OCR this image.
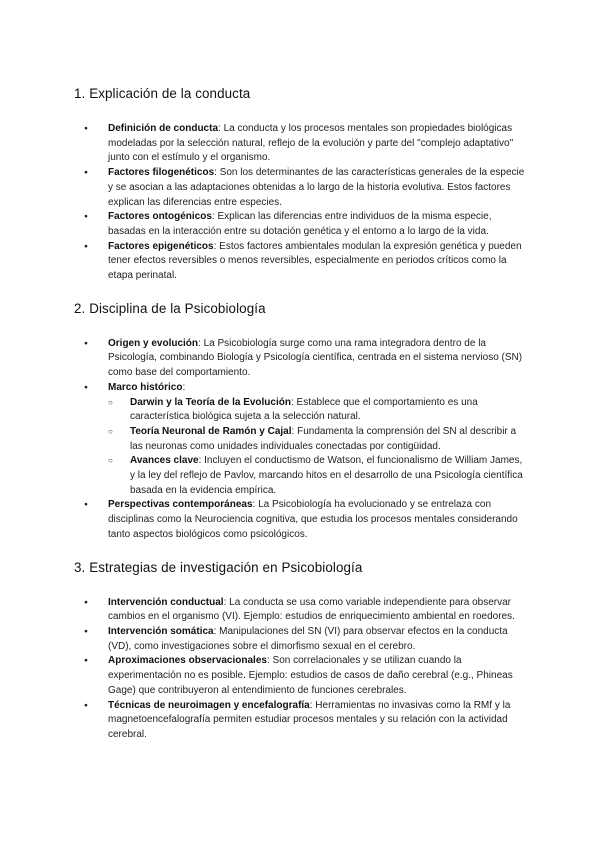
1. Explicación de la conducta
● Definición de conducta: La conducta y los procesos mentales son propiedades biológicas modeladas por la selección natural, reflejo de la evolución y parte del "complejo adaptativo" junto con el estímulo y el organismo.
● Factores filogenéticos: Son los determinantes de las características generales de la especie y se asocian a las adaptaciones obtenidas a lo largo de la historia evolutiva. Estos factores explican las diferencias entre especies.
● Factores ontogénicos: Explican las diferencias entre individuos de la misma especie, basadas en la interacción entre su dotación genética y el entorno a lo largo de la vida.
● Factores epigenéticos: Estos factores ambientales modulan la expresión genética y pueden tener efectos reversibles o menos reversibles, especialmente en periodos críticos como la etapa perinatal.
2. Disciplina de la Psicobiología
● Origen y evolución: La Psicobiología surge como una rama integradora dentro de la Psicología, combinando Biología y Psicología científica, centrada en el sistema nervioso (SN) como base del comportamiento.
● Marco histórico:
○ Darwin y la Teoría de la Evolución: Establece que el comportamiento es una característica biológica sujeta a la selección natural.
○ Teoría Neuronal de Ramón y Cajal: Fundamenta la comprensión del SN al describir a las neuronas como unidades individuales conectadas por contigüidad.
○ Avances clave: Incluyen el conductismo de Watson, el funcionalismo de William James, y la ley del reflejo de Pavlov, marcando hitos en el desarrollo de una Psicología científica basada en la evidencia empírica.
● Perspectivas contemporáneas: La Psicobiología ha evolucionado y se entrelaza con disciplinas como la Neurociencia cognitiva, que estudia los procesos mentales considerando tanto aspectos biológicos como psicológicos.
3. Estrategias de investigación en Psicobiología
● Intervención conductual: La conducta se usa como variable independiente para observar cambios en el organismo (VI). Ejemplo: estudios de enriquecimiento ambiental en roedores.
● Intervención somática: Manipulaciones del SN (VI) para observar efectos en la conducta (VD), como investigaciones sobre el dimorfismo sexual en el cerebro.
● Aproximaciones observacionales: Son correlacionales y se utilizan cuando la experimentación no es posible. Ejemplo: estudios de casos de daño cerebral (e.g., Phineas Gage) que contribuyeron al entendimiento de funciones cerebrales.
● Técnicas de neuroimagen y encefalografía: Herramientas no invasivas como la RMf y la magnetoencefalografía permiten estudiar procesos mentales y su relación con la actividad cerebral.
